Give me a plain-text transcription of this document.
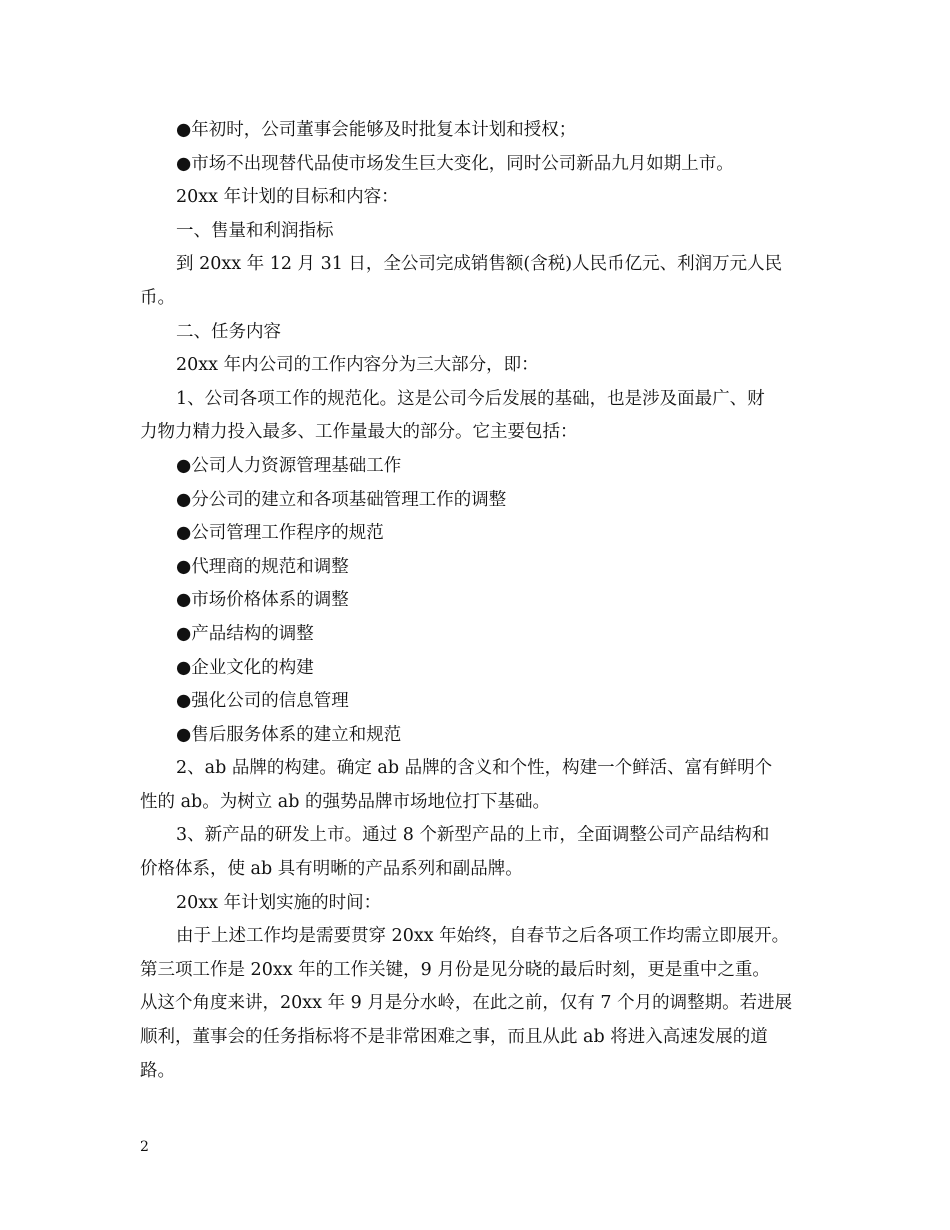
●年初时，公司董事会能够及时批复本计划和授权；

●市场不出现替代品使市场发生巨大变化，同时公司新品九月如期上市。

20xx 年计划的目标和内容：

一、售量和利润指标

到 20xx 年 12 月 31 日，全公司完成销售额(含税)人民币亿元、利润万元人民

币。

二、任务内容

20xx 年内公司的工作内容分为三大部分，即：

1、公司各项工作的规范化。这是公司今后发展的基础，也是涉及面最广、财

力物力精力投入最多、工作量最大的部分。它主要包括：

●公司人力资源管理基础工作

●分公司的建立和各项基础管理工作的调整

●公司管理工作程序的规范

●代理商的规范和调整

●市场价格体系的调整

●产品结构的调整

●企业文化的构建

●强化公司的信息管理

●售后服务体系的建立和规范

2、ab 品牌的构建。确定 ab 品牌的含义和个性，构建一个鲜活、富有鲜明个

性的 ab。为树立 ab 的强势品牌市场地位打下基础。

3、新产品的研发上市。通过 8 个新型产品的上市，全面调整公司产品结构和

价格体系，使 ab 具有明晰的产品系列和副品牌。

20xx 年计划实施的时间：

由于上述工作均是需要贯穿 20xx 年始终，自春节之后各项工作均需立即展开。

第三项工作是 20xx 年的工作关键，9 月份是见分晓的最后时刻，更是重中之重。

从这个角度来讲，20xx 年 9 月是分水岭，在此之前，仅有 7 个月的调整期。若进展

顺利，董事会的任务指标将不是非常困难之事，而且从此 ab 将进入高速发展的道

路。

2
